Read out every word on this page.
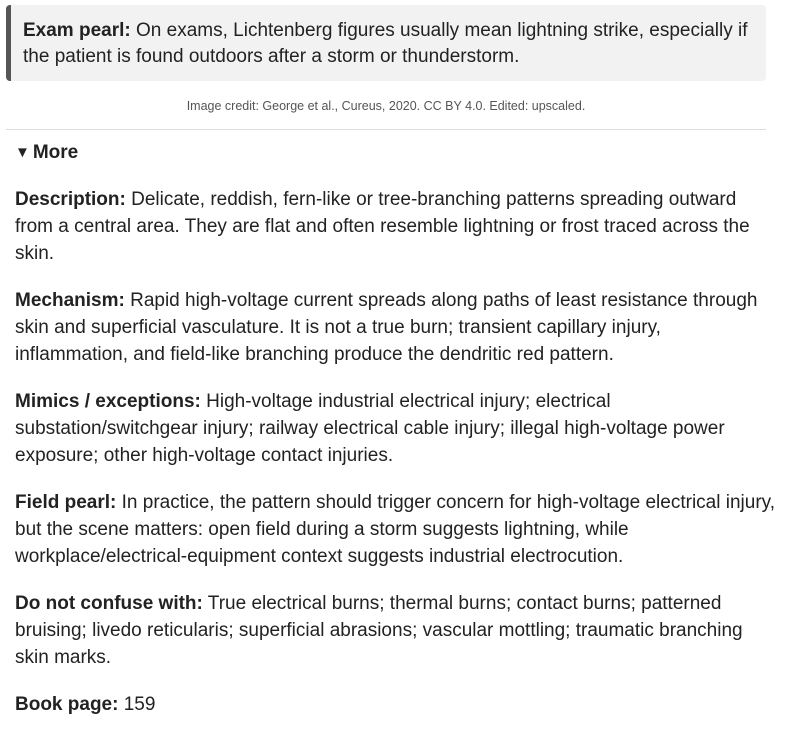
Exam pearl: On exams, Lichtenberg figures usually mean lightning strike, especially if the patient is found outdoors after a storm or thunderstorm.
Image credit: George et al., Cureus, 2020. CC BY 4.0. Edited: upscaled.
▼ More
Description: Delicate, reddish, fern-like or tree-branching patterns spreading outward from a central area. They are flat and often resemble lightning or frost traced across the skin.
Mechanism: Rapid high-voltage current spreads along paths of least resistance through skin and superficial vasculature. It is not a true burn; transient capillary injury, inflammation, and field-like branching produce the dendritic red pattern.
Mimics / exceptions: High-voltage industrial electrical injury; electrical substation/switchgear injury; railway electrical cable injury; illegal high-voltage power exposure; other high-voltage contact injuries.
Field pearl: In practice, the pattern should trigger concern for high-voltage electrical injury, but the scene matters: open field during a storm suggests lightning, while workplace/electrical-equipment context suggests industrial electrocution.
Do not confuse with: True electrical burns; thermal burns; contact burns; patterned bruising; livedo reticularis; superficial abrasions; vascular mottling; traumatic branching skin marks.
Book page: 159
